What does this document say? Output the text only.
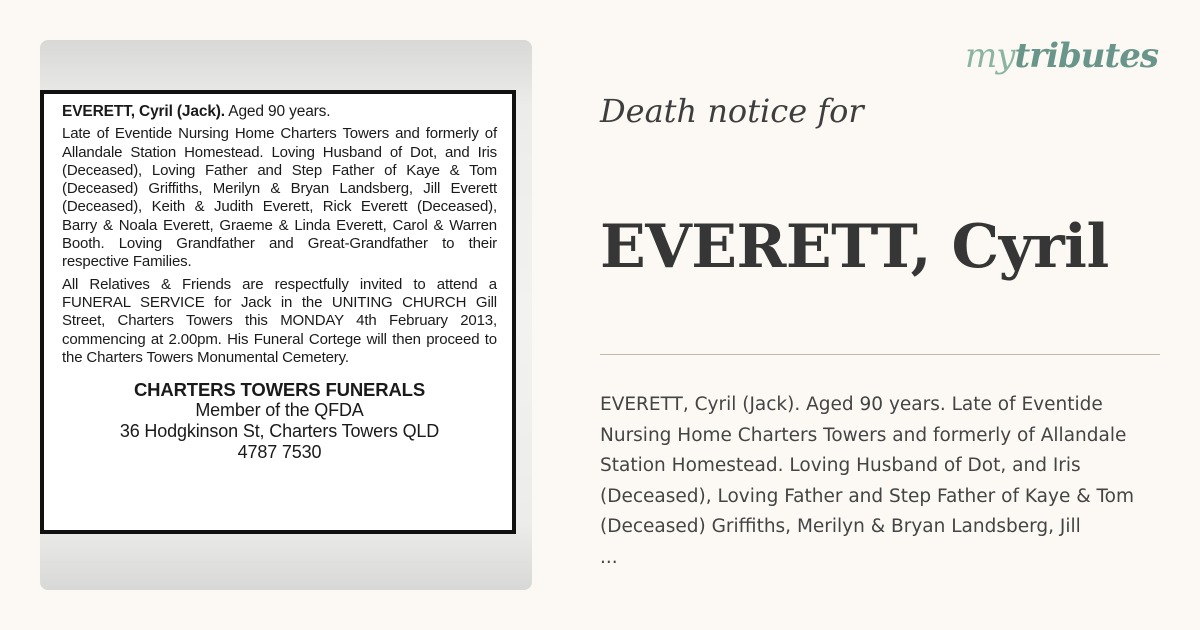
EVERETT, Cyril (Jack). Aged 90 years.

Late of Eventide Nursing Home Charters Towers and formerly of Allandale Station Homestead. Loving Husband of Dot, and Iris (Deceased), Loving Father and Step Father of Kaye & Tom (Deceased) Griffiths, Merilyn & Bryan Landsberg, Jill Everett (Deceased), Keith & Judith Everett, Rick Everett (Deceased), Barry & Noala Everett, Graeme & Linda Everett, Carol & Warren Booth. Loving Grandfather and Great-Grandfather to their respective Families.

All Relatives & Friends are respectfully invited to attend a FUNERAL SERVICE for Jack in the UNITING CHURCH Gill Street, Charters Towers this MONDAY 4th February 2013, commencing at 2.00pm. His Funeral Cortege will then proceed to the Charters Towers Monumental Cemetery.

CHARTERS TOWERS FUNERALS
Member of the QFDA
36 Hodgkinson St, Charters Towers QLD
4787 7530
mytributes
Death notice for
EVERETT, Cyril

EVERETT, Cyril (Jack). Aged 90 years. Late of Eventide Nursing Home Charters Towers and formerly of Allandale Station Homestead. Loving Husband of Dot, and Iris (Deceased), Loving Father and Step Father of Kaye & Tom (Deceased) Griffiths, Merilyn & Bryan Landsberg, Jill
...
